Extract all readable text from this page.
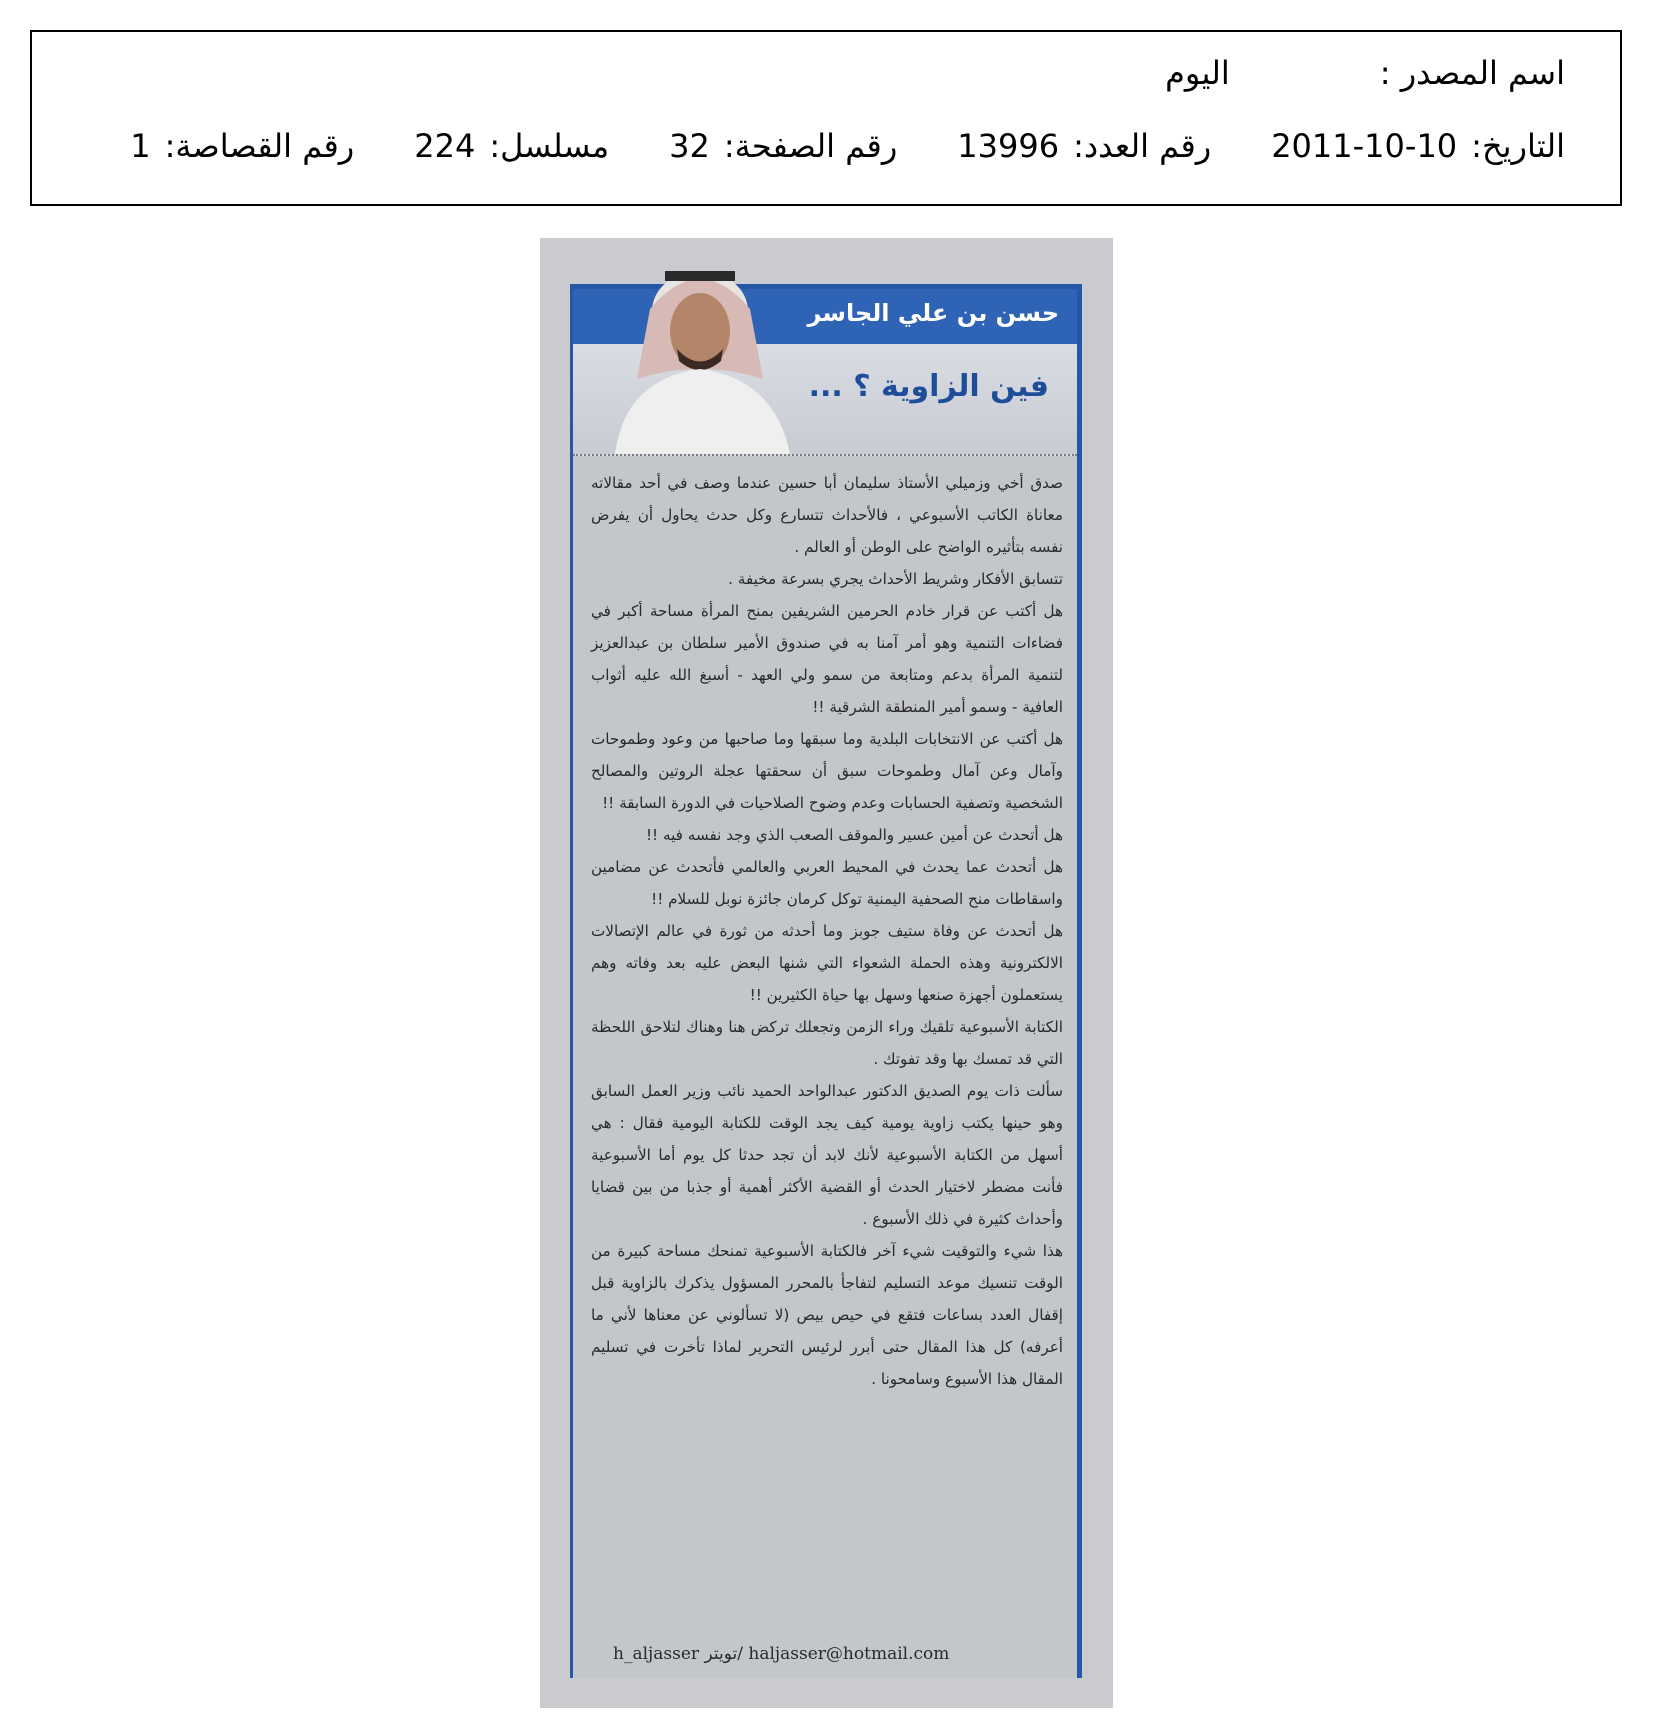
اسم المصدر :
اليوم
التاريخ:
2011-10-10
رقم العدد:
13996
رقم الصفحة:
32
مسلسل:
224
رقم القصاصة:
1
حسن بن علي الجاسر
فين الزاوية ؟ ...

صدق أخي وزميلي الأستاذ سليمان أبا حسين عندما وصف في أحد مقالاته معاناة الكاتب الأسبوعي ، فالأحداث تتسارع وكل حدث يحاول أن يفرض نفسه بتأثيره الواضح على الوطن أو العالم .

تتسابق الأفكار وشريط الأحداث يجري بسرعة مخيفة .

هل أكتب عن قرار خادم الحرمين الشريفين بمنح المرأة مساحة أكبر في فضاءات التنمية وهو أمر آمنا به في صندوق الأمير سلطان بن عبدالعزيز لتنمية المرأة بدعم ومتابعة من سمو ولي العهد - أسبغ الله عليه أثواب العافية - وسمو أمير المنطقة الشرقية !!

هل أكتب عن الانتخابات البلدية وما سبقها وما صاحبها من وعود وطموحات وآمال وعن آمال وطموحات سبق أن سحقتها عجلة الروتين والمصالح الشخصية وتصفية الحسابات وعدم وضوح الصلاحيات في الدورة السابقة !!

هل أتحدث عن أمين عسير والموقف الصعب الذي وجد نفسه فيه !!

هل أتحدث عما يحدث في المحيط العربي والعالمي فأتحدث عن مضامين واسقاطات منح الصحفية اليمنية توكل كرمان جائزة نوبل للسلام !!

هل أتحدث عن وفاة ستيف جوبز وما أحدثه من ثورة في عالم الإتصالات الالكترونية وهذه الحملة الشعواء التي شنها البعض عليه بعد وفاته وهم يستعملون أجهزة صنعها وسهل بها حياة الكثيرين !!

الكتابة الأسبوعية تلقيك وراء الزمن وتجعلك تركض هنا وهناك لتلاحق اللحظة التي قد تمسك بها وقد تفوتك .

سألت ذات يوم الصديق الدكتور عبدالواحد الحميد نائب وزير العمل السابق وهو حينها يكتب زاوية يومية كيف يجد الوقت للكتابة اليومية فقال : هي أسهل من الكتابة الأسبوعية لأنك لابد أن تجد حدثا كل يوم أما الأسبوعية فأنت مضطر لاختيار الحدث أو القضية الأكثر أهمية أو جذبا من بين قضايا وأحداث كثيرة في ذلك الأسبوع .

هذا شيء والتوقيت شيء آخر فالكتابة الأسبوعية تمنحك مساحة كبيرة من الوقت تنسيك موعد التسليم لتفاجأ بالمحرر المسؤول يذكرك بالزاوية قبل إقفال العدد بساعات فتقع في حيص بيص (لا تسألوني عن معناها لأني ما أعرفه) كل هذا المقال حتى أبرر لرئيس التحرير لماذا تأخرت في تسليم المقال هذا الأسبوع وسامحونا .

h_aljasser تويتر/ haljasser@hotmail.com
